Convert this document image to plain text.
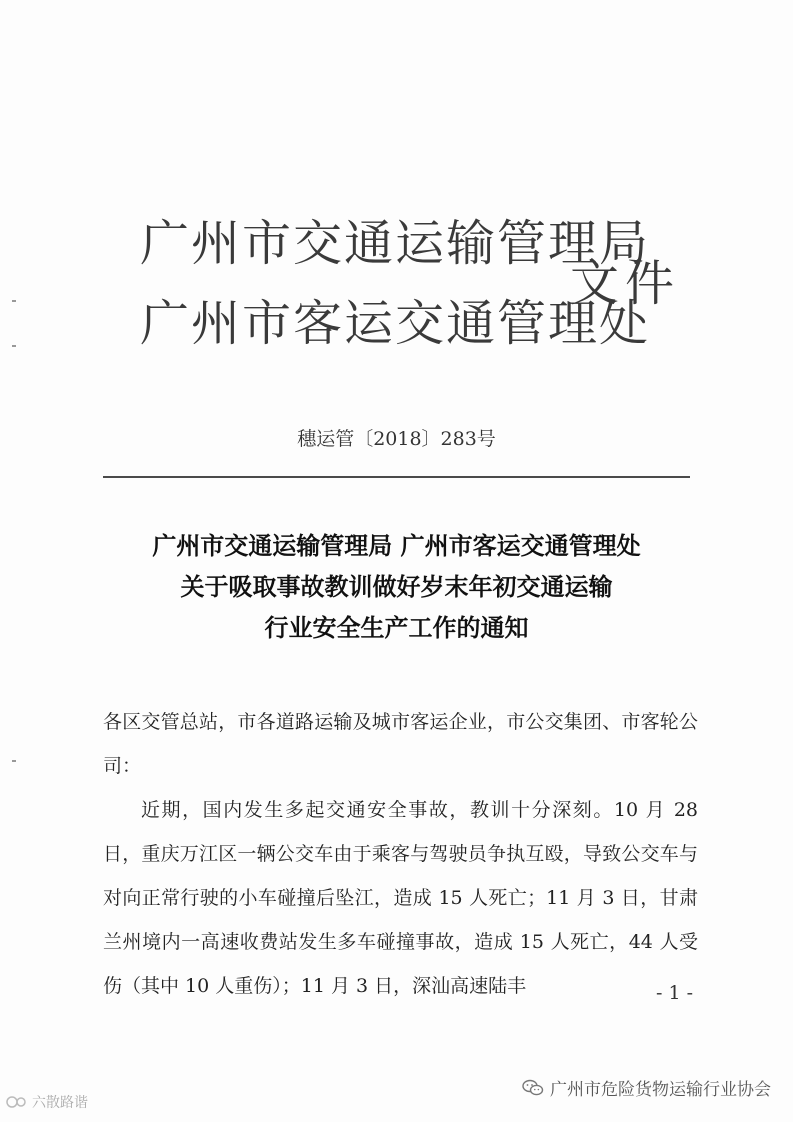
广州市交通运输管理局
广州市客运交通管理处
文件
穗运管〔2018〕283号
广州市交通运输管理局 广州市客运交通管理处
关于吸取事故教训做好岁末年初交通运输
行业安全生产工作的通知

各区交管总站，市各道路运输及城市客运企业，市公交集团、市客轮公司：

近期，国内发生多起交通安全事故，教训十分深刻。10 月 28 日，重庆万江区一辆公交车由于乘客与驾驶员争执互殴，导致公交车与对向正常行驶的小车碰撞后坠江，造成 15 人死亡；11 月 3 日，甘肃兰州境内一高速收费站发生多车碰撞事故，造成 15 人死亡，44 人受伤（其中 10 人重伤）；11 月 3 日，深汕高速陆丰	- 1 -
广州市危险货物运输行业协会
六散路谐
